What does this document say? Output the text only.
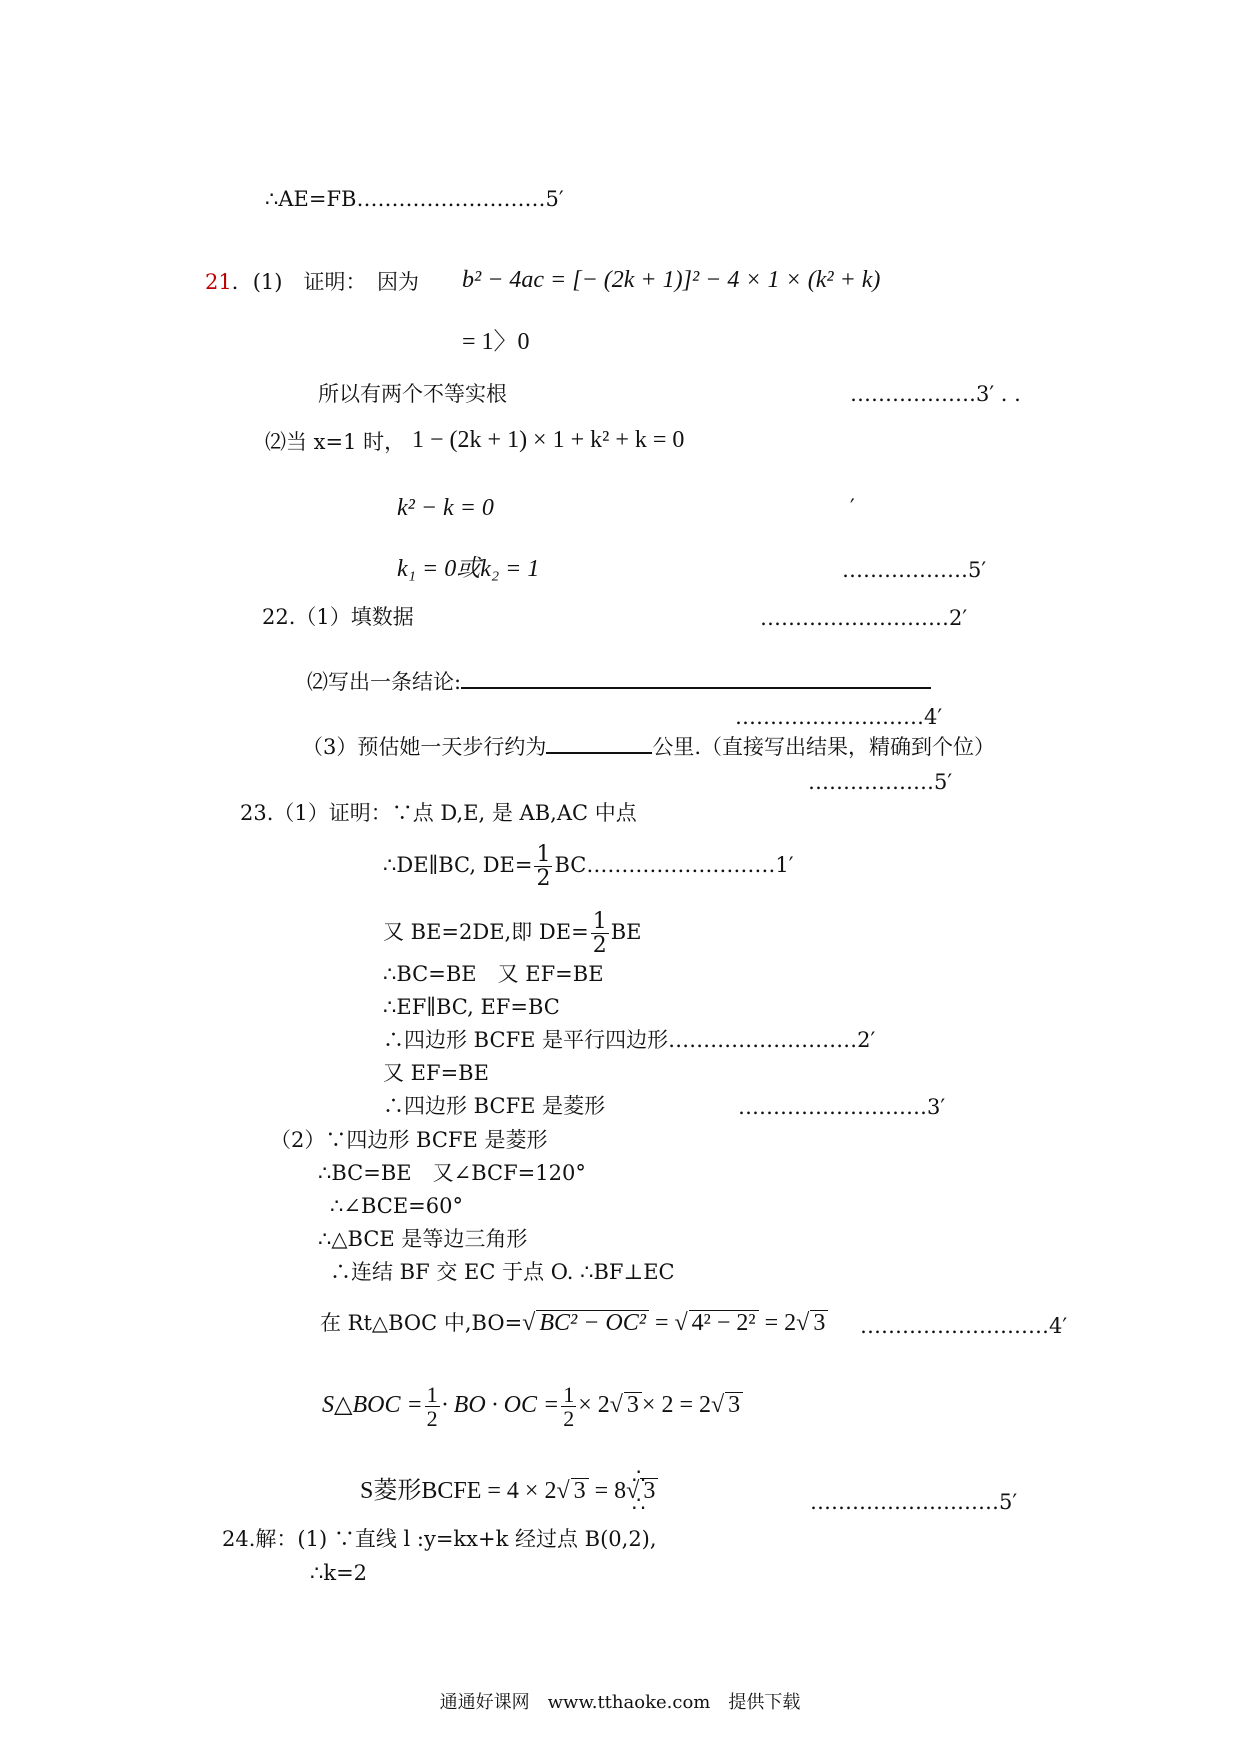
∴AE=FB………………………5′
21．(1)　证明：　因为 b² − 4ac = [− (2k + 1)]² − 4 × 1 × (k² + k)
= 1〉0
所以有两个不等实根	………………3′ . .
⑵当 x=1 时， 1 − (2k + 1) × 1 + k² + k = 0
k² − k = 0	′
k₁ = 0或k₂ = 1	………………5′
22.（1）填数据	………………………2′
⑵写出一条结论:
………………………4′
（3）预估她一天步行约为	公里.（直接写出结果，精确到个位）
………………5′
23.（1）证明：∵点 D,E, 是 AB,AC 中点
∴DE∥BC, $DE= \frac{1}{2}$ BC………………………1′
又 BE=2DE,即 $DE= \frac{1}{2}$ BE
∴BC=BE　又 EF=BE
∴EF∥BC, EF=BC
∴四边形 BCFE 是平行四边形………………………2′
又 EF=BE
∴四边形 BCFE 是菱形	………………………3′
（2）∵四边形 BCFE 是菱形
∴BC=BE　又∠BCF=120°
∴∠BCE=60°
∴△BCE 是等边三角形
∴连结 BF 交 EC 于点 O. ∴BF⊥EC
在 Rt△BOC 中,BO=√ BC² − OC² = √ 4² − 2² = 2√ 3 ………………………4′
S△BOC = $\frac{1}{2}$ · BO · OC = $\frac{1}{2} \times 2√$ 3 × 2 = 2√ 3
S菱形BCFE = 4 × 2√ 3 = 8√ 3
∴
∴	………………………5′
24.解：(1) ∵直线 l :y=kx+k 经过点 B(0,2),
∴k=2
通通好课网　www.tthaoke.com　提供下载
